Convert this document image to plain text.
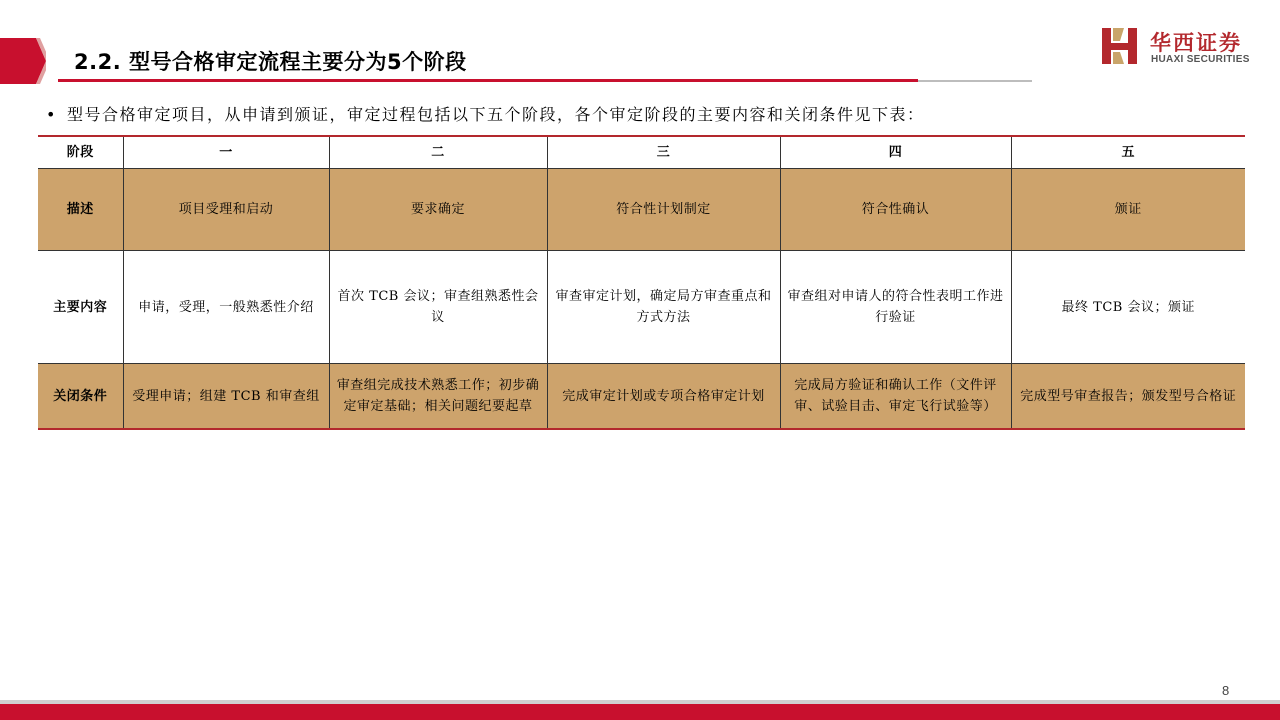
2.2. 型号合格审定流程主要分为5个阶段
华西证券
HUAXI SECURITIES
• 型号合格审定项目，从申请到颁证，审定过程包括以下五个阶段，各个审定阶段的主要内容和关闭条件见下表：
阶段	一	二	三	四	五
描述	项目受理和启动	要求确定	符合性计划制定	符合性确认	颁证
主要内容	申请，受理，一般熟悉性介绍	首次 TCB 会议；审查组熟悉性会议	审查审定计划，确定局方审查重点和方式方法	审查组对申请人的符合性表明工作进行验证	最终 TCB 会议；颁证
关闭条件	受理申请；组建 TCB 和审查组	审查组完成技术熟悉工作；初步确定审定基础；相关问题纪要起草	完成审定计划或专项合格审定计划	完成局方验证和确认工作（文件评审、试验目击、审定飞行试验等）	完成型号审查报告；颁发型号合格证
8
